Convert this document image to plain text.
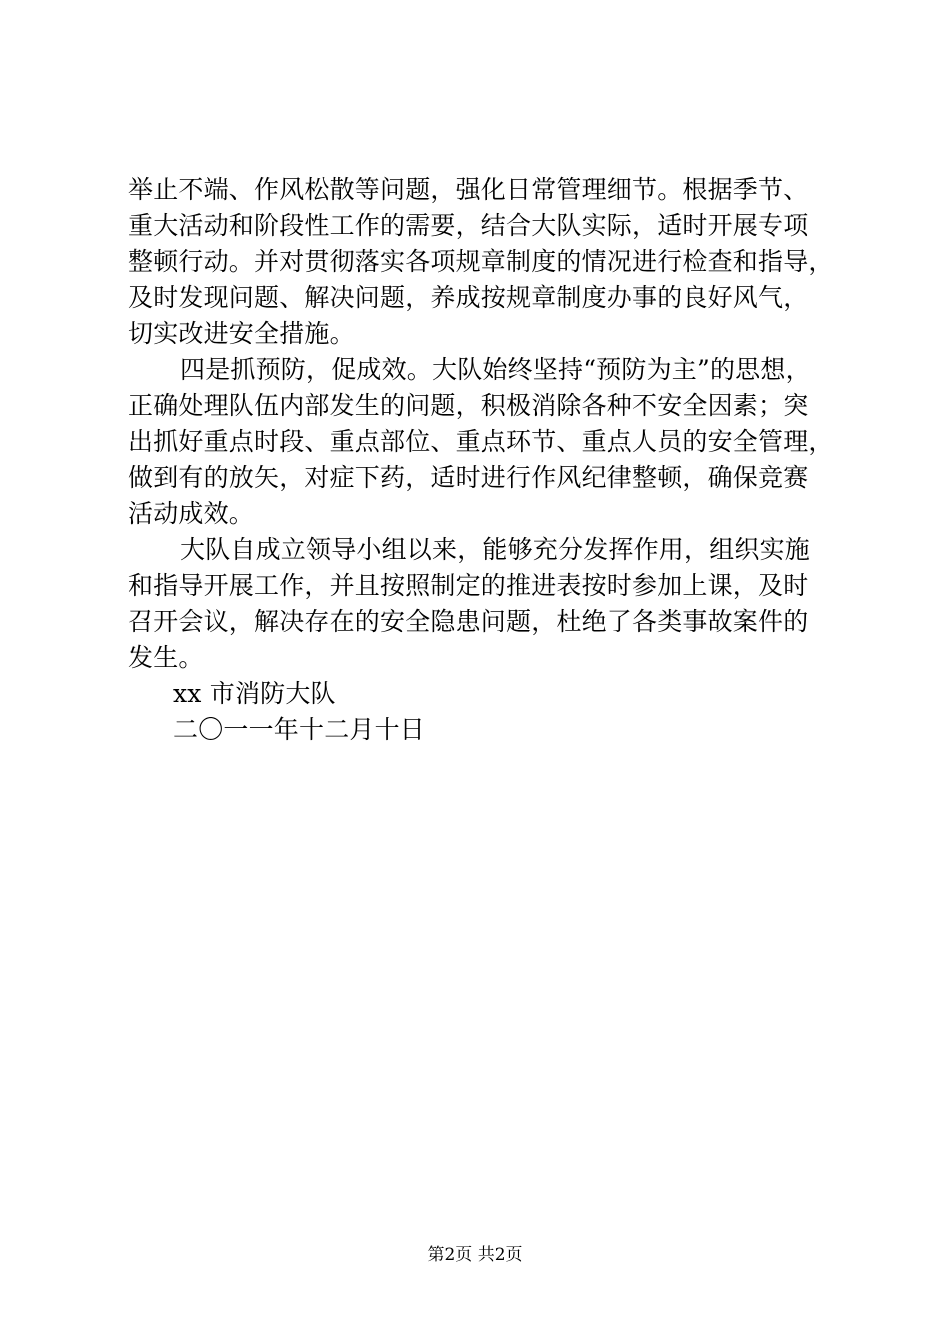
举止不端、作风松散等问题，强化日常管理细节。根据季节、
重大活动和阶段性工作的需要，结合大队实际，适时开展专项
整顿行动。并对贯彻落实各项规章制度的情况进行检查和指导，
及时发现问题、解决问题，养成按规章制度办事的良好风气，
切实改进安全措施。
四是抓预防，促成效。大队始终坚持“预防为主”的思想，
正确处理队伍内部发生的问题，积极消除各种不安全因素；突
出抓好重点时段、重点部位、重点环节、重点人员的安全管理，
做到有的放矢，对症下药，适时进行作风纪律整顿，确保竞赛
活动成效。
大队自成立领导小组以来，能够充分发挥作用，组织实施
和指导开展工作，并且按照制定的推进表按时参加上课，及时
召开会议，解决存在的安全隐患问题，杜绝了各类事故案件的
发生。
xx 市消防大队
二〇一一年十二月十日
第2页 共2页
